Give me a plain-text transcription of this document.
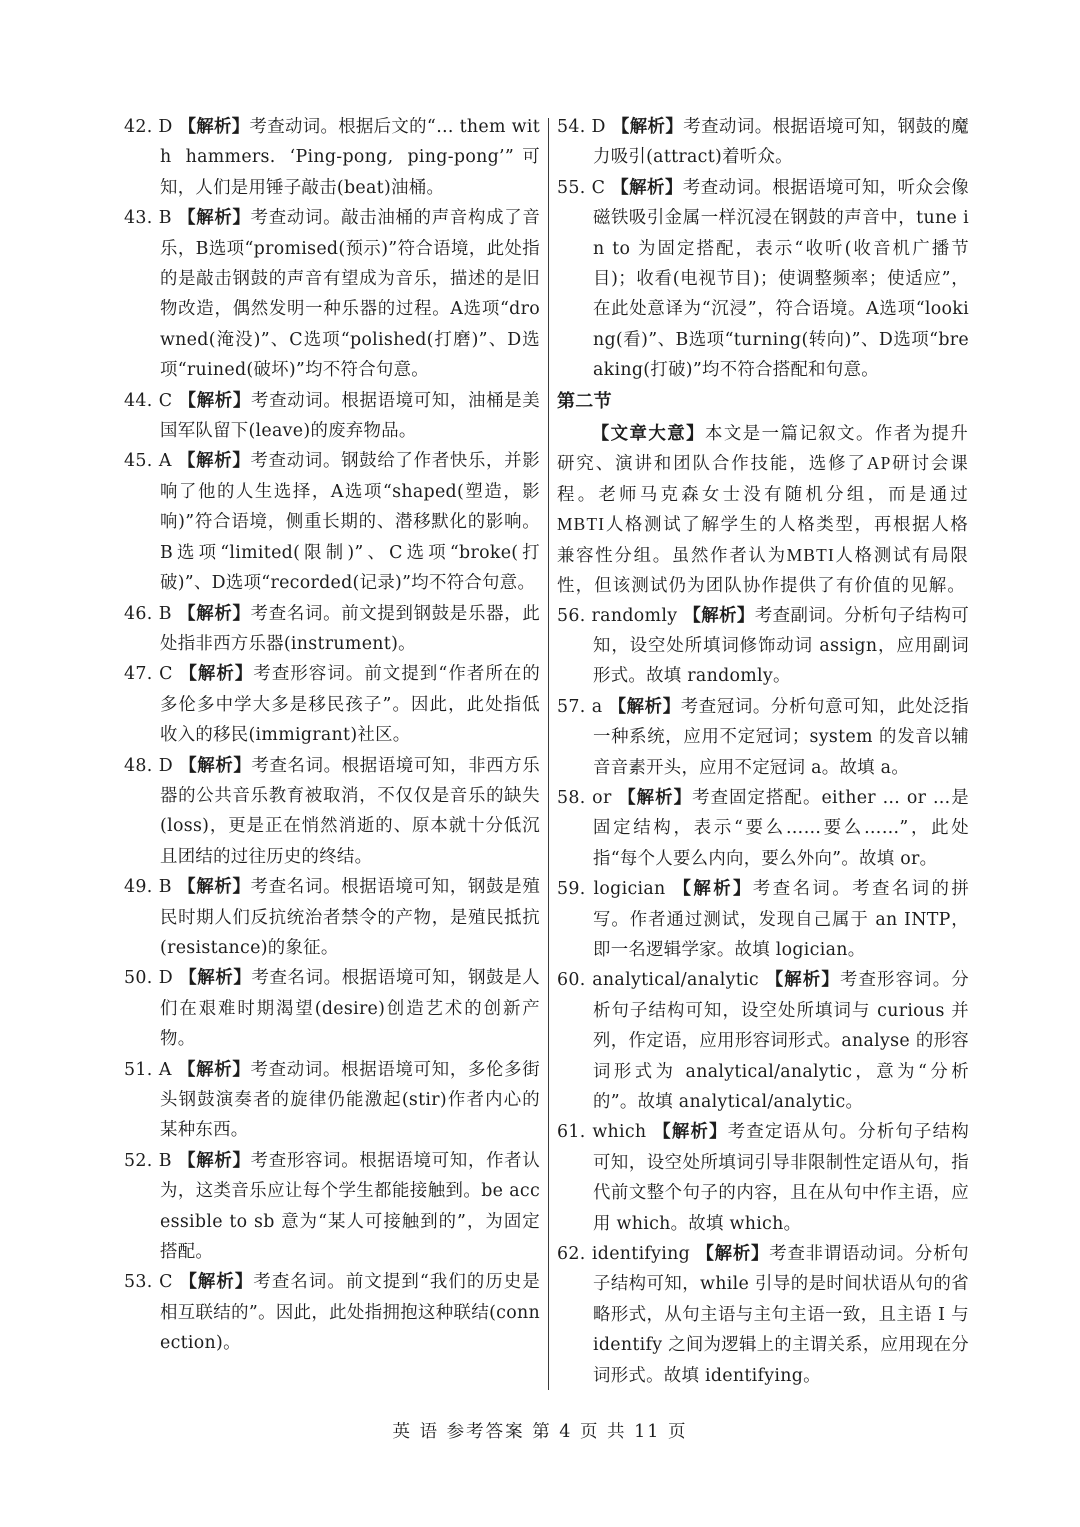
42. D 【解析】考查动词。根据后文的“… them with hammers. ‘Ping-pong, ping-pong’”可知，人们是用锤子敲击(beat)油桶。

43. B 【解析】考查动词。敲击油桶的声音构成了音乐，B选项“promised(预示)”符合语境，此处指的是敲击钢鼓的声音有望成为音乐，描述的是旧物改造，偶然发明一种乐器的过程。A选项“drowned(淹没)”、C选项“polished(打磨)”、D选项“ruined(破坏)”均不符合句意。

44. C 【解析】考查动词。根据语境可知，油桶是美国军队留下(leave)的废弃物品。

45. A 【解析】考查动词。钢鼓给了作者快乐，并影响了他的人生选择，A选项“shaped(塑造，影响)”符合语境，侧重长期的、潜移默化的影响。B选项“limited(限制)”、C选项“broke(打破)”、D选项“recorded(记录)”均不符合句意。

46. B 【解析】考查名词。前文提到钢鼓是乐器，此处指非西方乐器(instrument)。

47. C 【解析】考查形容词。前文提到“作者所在的多伦多中学大多是移民孩子”。因此，此处指低收入的移民(immigrant)社区。

48. D 【解析】考查名词。根据语境可知，非西方乐器的公共音乐教育被取消，不仅仅是音乐的缺失(loss)，更是正在悄然消逝的、原本就十分低沉且团结的过往历史的终结。

49. B 【解析】考查名词。根据语境可知，钢鼓是殖民时期人们反抗统治者禁令的产物，是殖民抵抗(resistance)的象征。

50. D 【解析】考查名词。根据语境可知，钢鼓是人们在艰难时期渴望(desire)创造艺术的创新产物。

51. A 【解析】考查动词。根据语境可知，多伦多街头钢鼓演奏者的旋律仍能激起(stir)作者内心的某种东西。

52. B 【解析】考查形容词。根据语境可知，作者认为，这类音乐应让每个学生都能接触到。be accessible to sb 意为“某人可接触到的”，为固定搭配。

53. C 【解析】考查名词。前文提到“我们的历史是相互联结的”。因此，此处指拥抱这种联结(connection)。

54. D 【解析】考查动词。根据语境可知，钢鼓的魔力吸引(attract)着听众。

55. C 【解析】考查动词。根据语境可知，听众会像磁铁吸引金属一样沉浸在钢鼓的声音中，tune in to 为固定搭配，表示“收听(收音机广播节目)；收看(电视节目)；使调整频率；使适应”，在此处意译为“沉浸”，符合语境。A选项“looking(看)”、B选项“turning(转向)”、D选项“breaking(打破)”均不符合搭配和句意。

第二节

【文章大意】本文是一篇记叙文。作者为提升研究、演讲和团队合作技能，选修了AP研讨会课程。老师马克森女士没有随机分组，而是通过MBTI人格测试了解学生的人格类型，再根据人格兼容性分组。虽然作者认为MBTI人格测试有局限性，但该测试仍为团队协作提供了有价值的见解。

56. randomly 【解析】考查副词。分析句子结构可知，设空处所填词修饰动词 assign，应用副词形式。故填 randomly。

57. a 【解析】考查冠词。分析句意可知，此处泛指一种系统，应用不定冠词；system 的发音以辅音音素开头，应用不定冠词 a。故填 a。

58. or 【解析】考查固定搭配。either … or …是固定结构，表示“要么……要么……”，此处指“每个人要么内向，要么外向”。故填 or。

59. logician 【解析】考查名词。考查名词的拼写。作者通过测试，发现自己属于 an INTP，即一名逻辑学家。故填 logician。

60. analytical/analytic 【解析】考查形容词。分析句子结构可知，设空处所填词与 curious 并列，作定语，应用形容词形式。analyse 的形容词形式为 analytical/analytic，意为“分析的”。故填 analytical/analytic。

61. which 【解析】考查定语从句。分析句子结构可知，设空处所填词引导非限制性定语从句，指代前文整个句子的内容，且在从句中作主语，应用 which。故填 which。

62. identifying 【解析】考查非谓语动词。分析句子结构可知，while 引导的是时间状语从句的省略形式，从句主语与主句主语一致，且主语 I 与 identify 之间为逻辑上的主谓关系，应用现在分词形式。故填 identifying。

英 语 参考答案 第 4 页 共 11 页
